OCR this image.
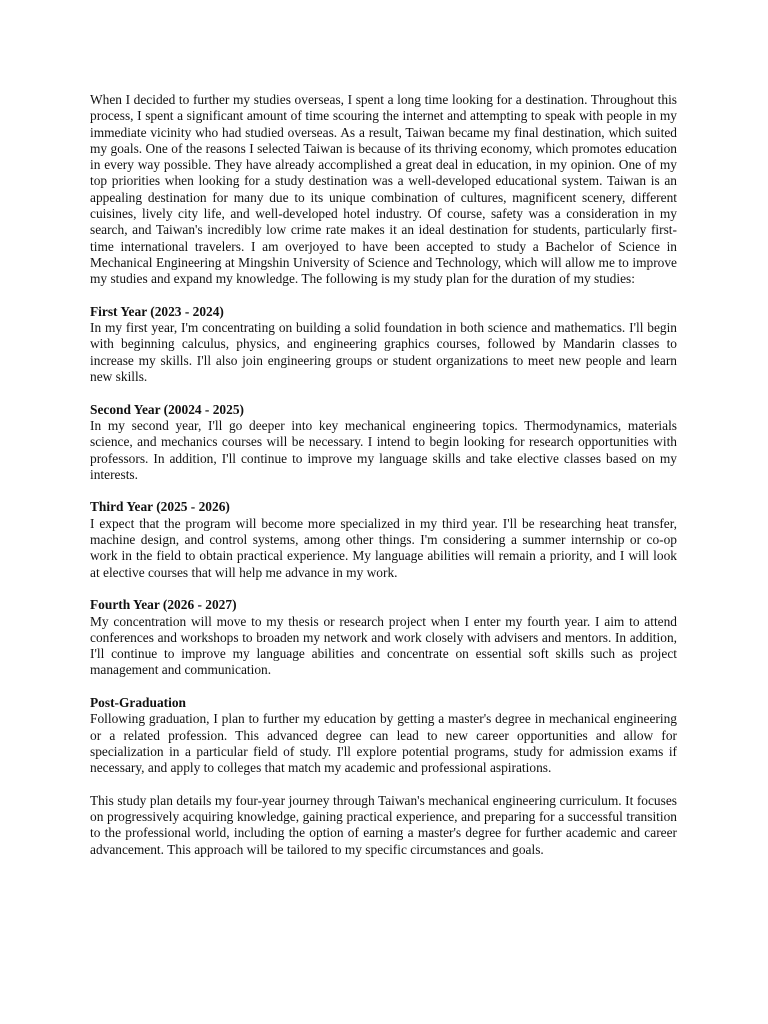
When I decided to further my studies overseas, I spent a long time looking for a destination. Throughout this process, I spent a significant amount of time scouring the internet and attempting to speak with people in my immediate vicinity who had studied overseas. As a result, Taiwan became my final destination, which suited my goals. One of the reasons I selected Taiwan is because of its thriving economy, which promotes education in every way possible. They have already accomplished a great deal in education, in my opinion. One of my top priorities when looking for a study destination was a well-developed educational system. Taiwan is an appealing destination for many due to its unique combination of cultures, magnificent scenery, different cuisines, lively city life, and well-developed hotel industry. Of course, safety was a consideration in my search, and Taiwan's incredibly low crime rate makes it an ideal destination for students, particularly first-time international travelers. I am overjoyed to have been accepted to study a Bachelor of Science in Mechanical Engineering at Mingshin University of Science and Technology, which will allow me to improve my studies and expand my knowledge. The following is my study plan for the duration of my studies:

First Year (2023 - 2024)

In my first year, I'm concentrating on building a solid foundation in both science and mathematics. I'll begin with beginning calculus, physics, and engineering graphics courses, followed by Mandarin classes to increase my skills. I'll also join engineering groups or student organizations to meet new people and learn new skills.

Second Year (20024 - 2025)

In my second year, I'll go deeper into key mechanical engineering topics. Thermodynamics, materials science, and mechanics courses will be necessary. I intend to begin looking for research opportunities with professors. In addition, I'll continue to improve my language skills and take elective classes based on my interests.

Third Year (2025 - 2026)

I expect that the program will become more specialized in my third year. I'll be researching heat transfer, machine design, and control systems, among other things. I'm considering a summer internship or co-op work in the field to obtain practical experience. My language abilities will remain a priority, and I will look at elective courses that will help me advance in my work.

Fourth Year (2026 - 2027)

My concentration will move to my thesis or research project when I enter my fourth year. I aim to attend conferences and workshops to broaden my network and work closely with advisers and mentors. In addition, I'll continue to improve my language abilities and concentrate on essential soft skills such as project management and communication.

Post-Graduation

Following graduation, I plan to further my education by getting a master's degree in mechanical engineering or a related profession. This advanced degree can lead to new career opportunities and allow for specialization in a particular field of study. I'll explore potential programs, study for admission exams if necessary, and apply to colleges that match my academic and professional aspirations.

This study plan details my four-year journey through Taiwan's mechanical engineering curriculum. It focuses on progressively acquiring knowledge, gaining practical experience, and preparing for a successful transition to the professional world, including the option of earning a master's degree for further academic and career advancement. This approach will be tailored to my specific circumstances and goals.
